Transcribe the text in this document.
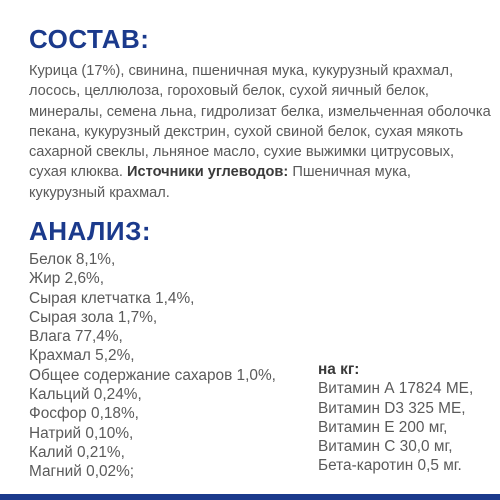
СОСТАВ:

Курица (17%), свинина, пшеничная мука, кукурузный крахмал, лосось, целлюлоза, гороховый белок, сухой яичный белок, минералы, семена льна, гидролизат белка, измельченная оболочка пекана, кукурузный декстрин, сухой свиной белок, сухая мякоть сахарной свеклы, льняное масло, сухие выжимки цитрусовых, сухая клюква. Источники углеводов: Пшеничная мука, кукурузный крахмал.

АНАЛИЗ:
Белок 8,1%,
Жир 2,6%,
Сырая клетчатка 1,4%,
Сырая зола 1,7%,
Влага 77,4%,
Крахмал 5,2%,
Общее содержание сахаров 1,0%,
Кальций 0,24%,
Фосфор 0,18%,
Натрий 0,10%,
Калий 0,21%,
Магний 0,02%;
на кг:
Витамин А 17824 МЕ,
Витамин D3 325 МЕ,
Витамин Е 200 мг,
Витамин С 30,0 мг,
Бета-каротин 0,5 мг.
